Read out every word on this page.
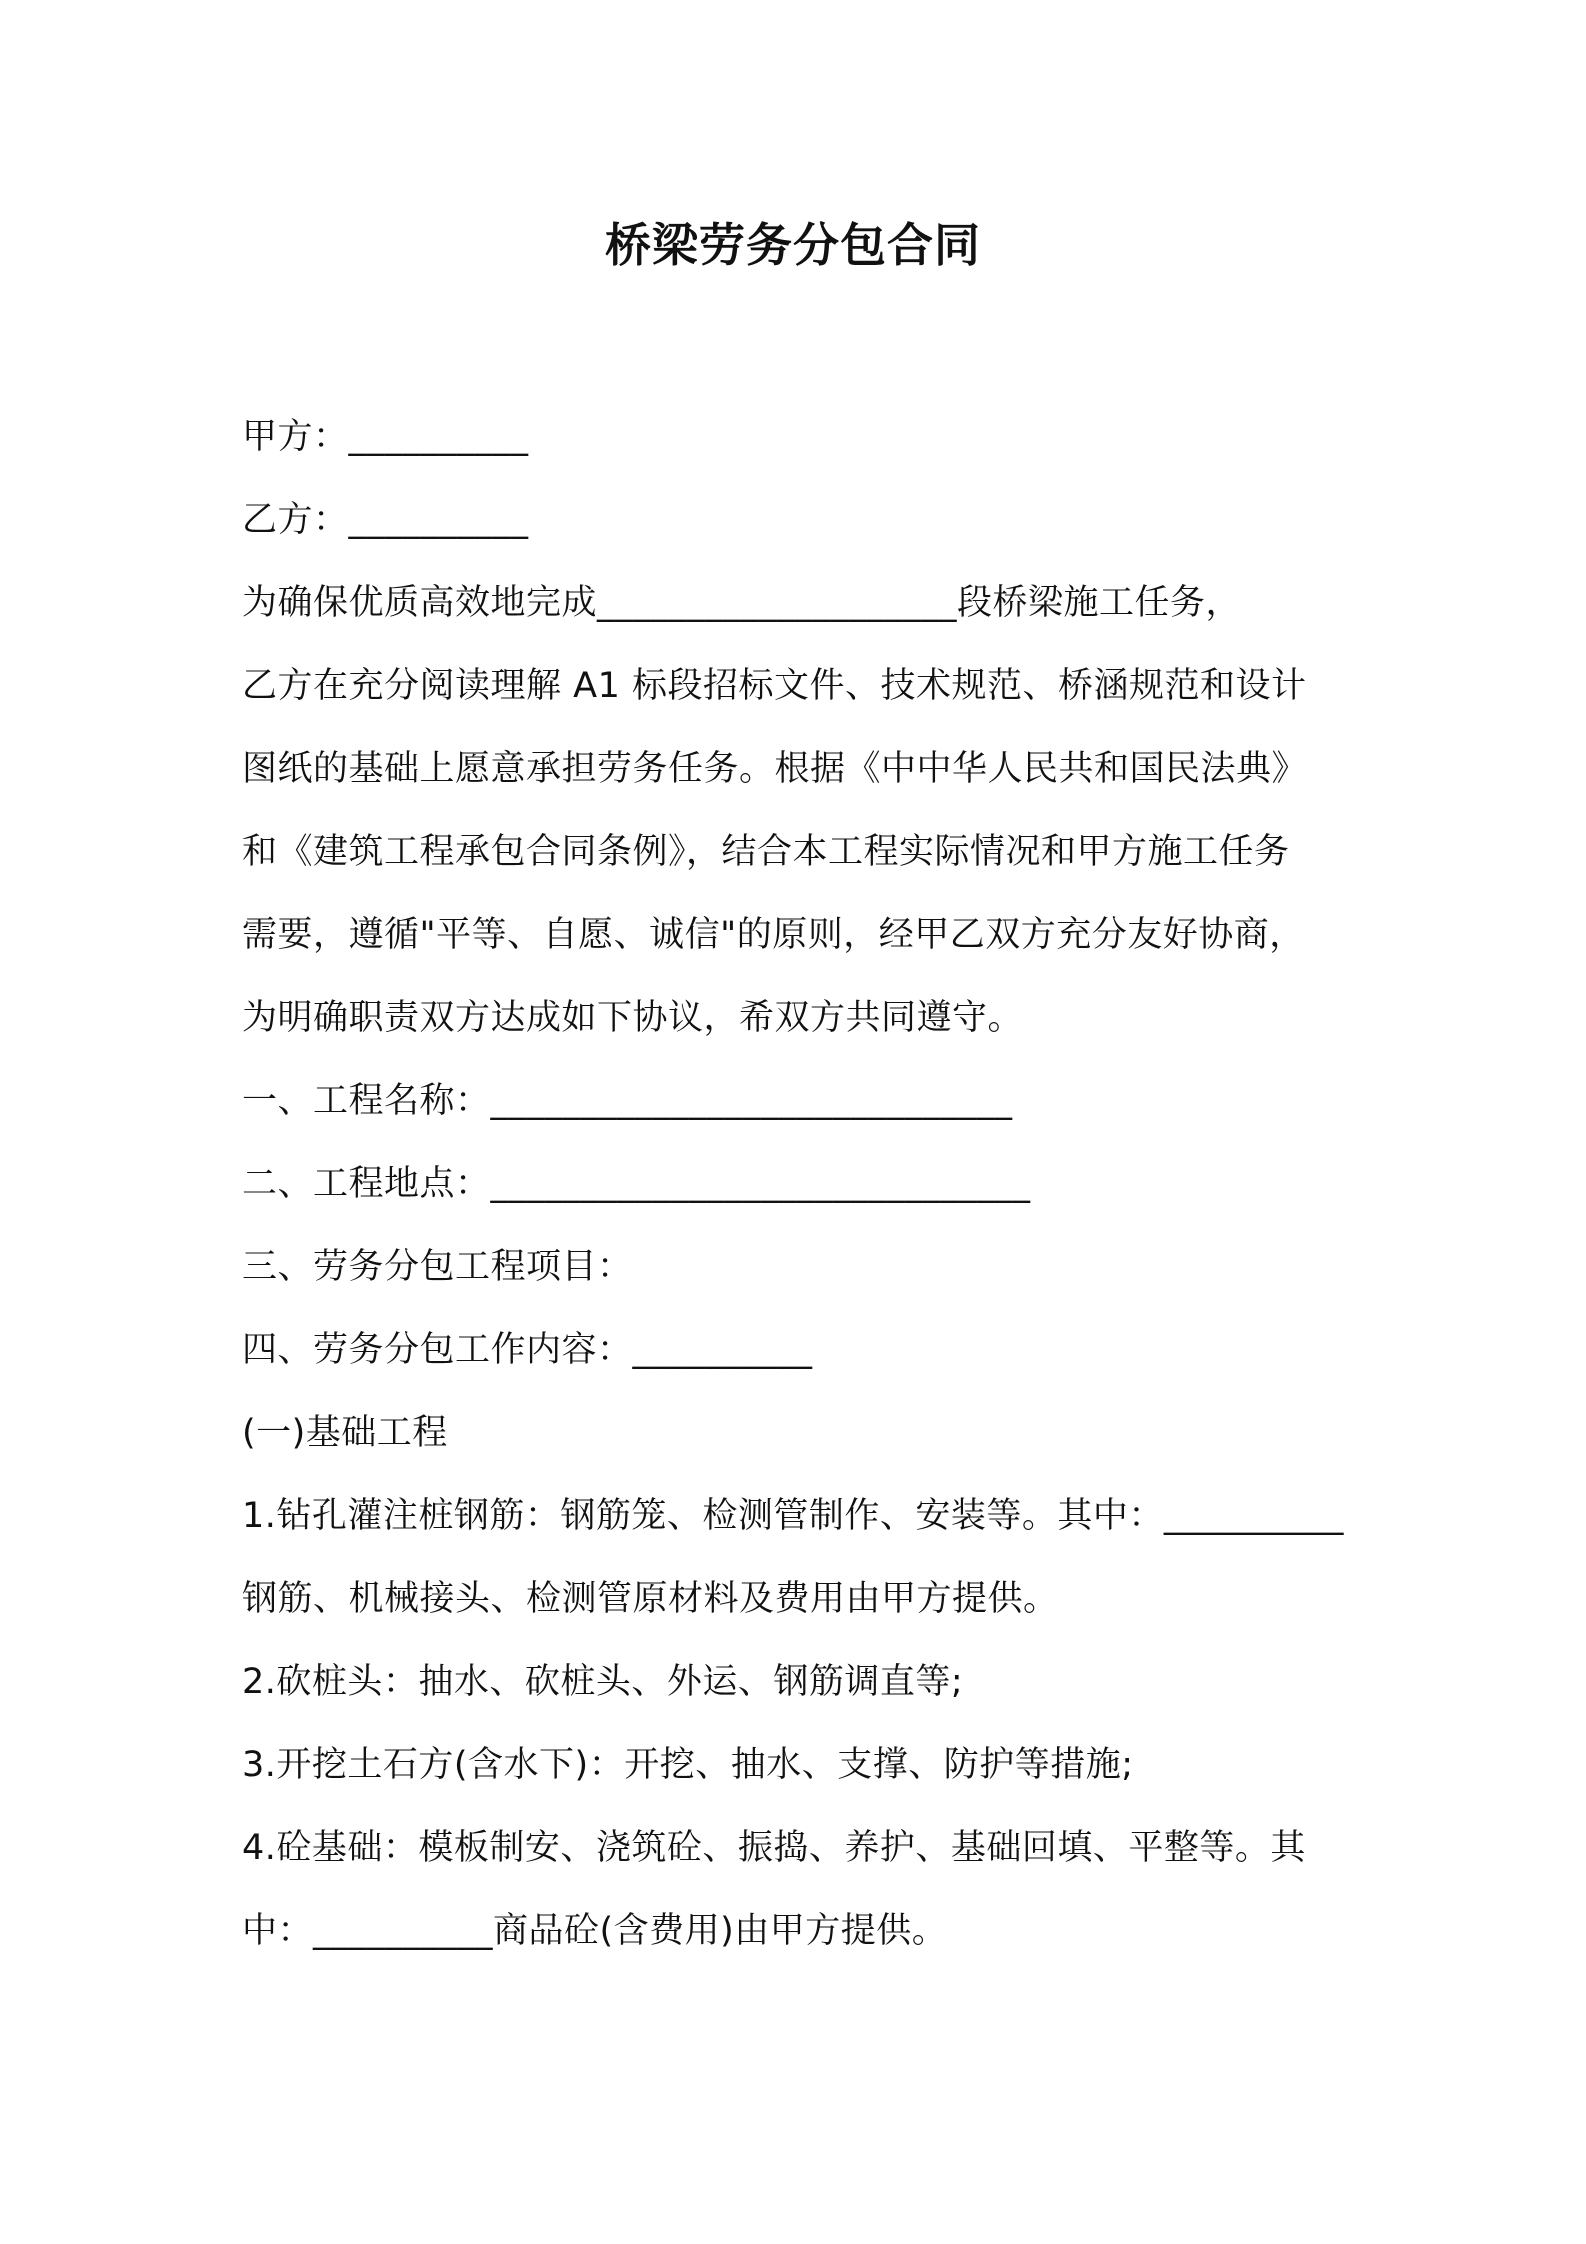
桥梁劳务分包合同
甲方：__________
乙方：__________
为确保优质高效地完成____________________段桥梁施工任务，
乙方在充分阅读理解 A1 标段招标文件、技术规范、桥涵规范和设计
图纸的基础上愿意承担劳务任务。根据《中中华人民共和国民法典》
和《建筑工程承包合同条例》，结合本工程实际情况和甲方施工任务
需要，遵循"平等、自愿、诚信"的原则，经甲乙双方充分友好协商，
为明确职责双方达成如下协议，希双方共同遵守。
一、工程名称：_____________________________
二、工程地点：______________________________
三、劳务分包工程项目：
四、劳务分包工作内容：__________
(一)基础工程
1.钻孔灌注桩钢筋：钢筋笼、检测管制作、安装等。其中：__________
钢筋、机械接头、检测管原材料及费用由甲方提供。
2.砍桩头：抽水、砍桩头、外运、钢筋调直等;
3.开挖土石方(含水下)：开挖、抽水、支撑、防护等措施;
4.砼基础：模板制安、浇筑砼、振捣、养护、基础回填、平整等。其
中：__________商品砼(含费用)由甲方提供。
